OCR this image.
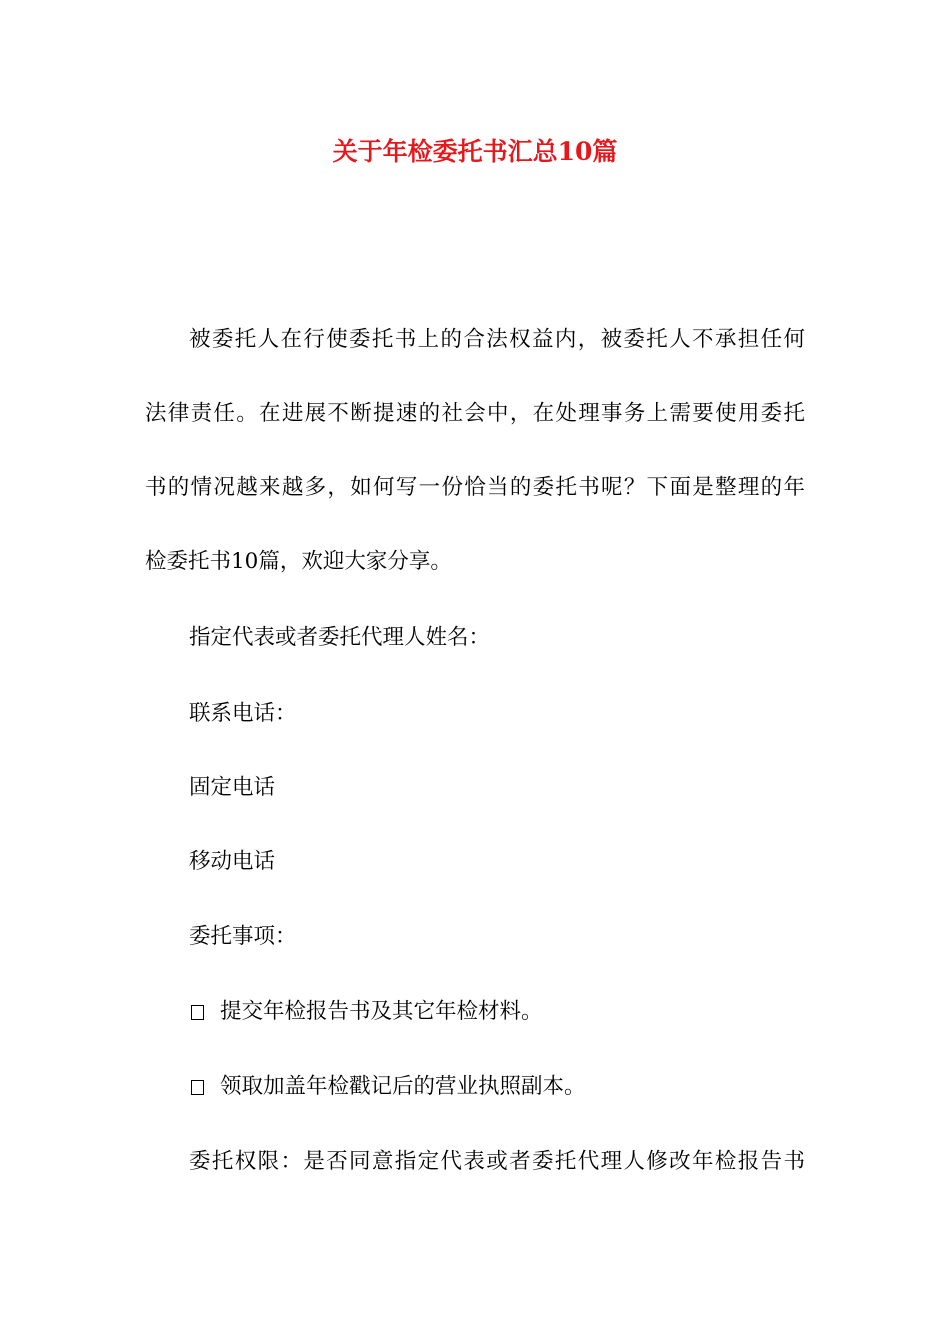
关于年检委托书汇总10篇
被委托人在行使委托书上的合法权益内，被委托人不承担任何
法律责任。在进展不断提速的社会中，在处理事务上需要使用委托
书的情况越来越多，如何写一份恰当的委托书呢？下面是整理的年
检委托书10篇，欢迎大家分享。
指定代表或者委托代理人姓名：
联系电话：
固定电话
移动电话
委托事项：
提交年检报告书及其它年检材料。
领取加盖年检戳记后的营业执照副本。
委托权限：是否同意指定代表或者委托代理人修改年检报告书
